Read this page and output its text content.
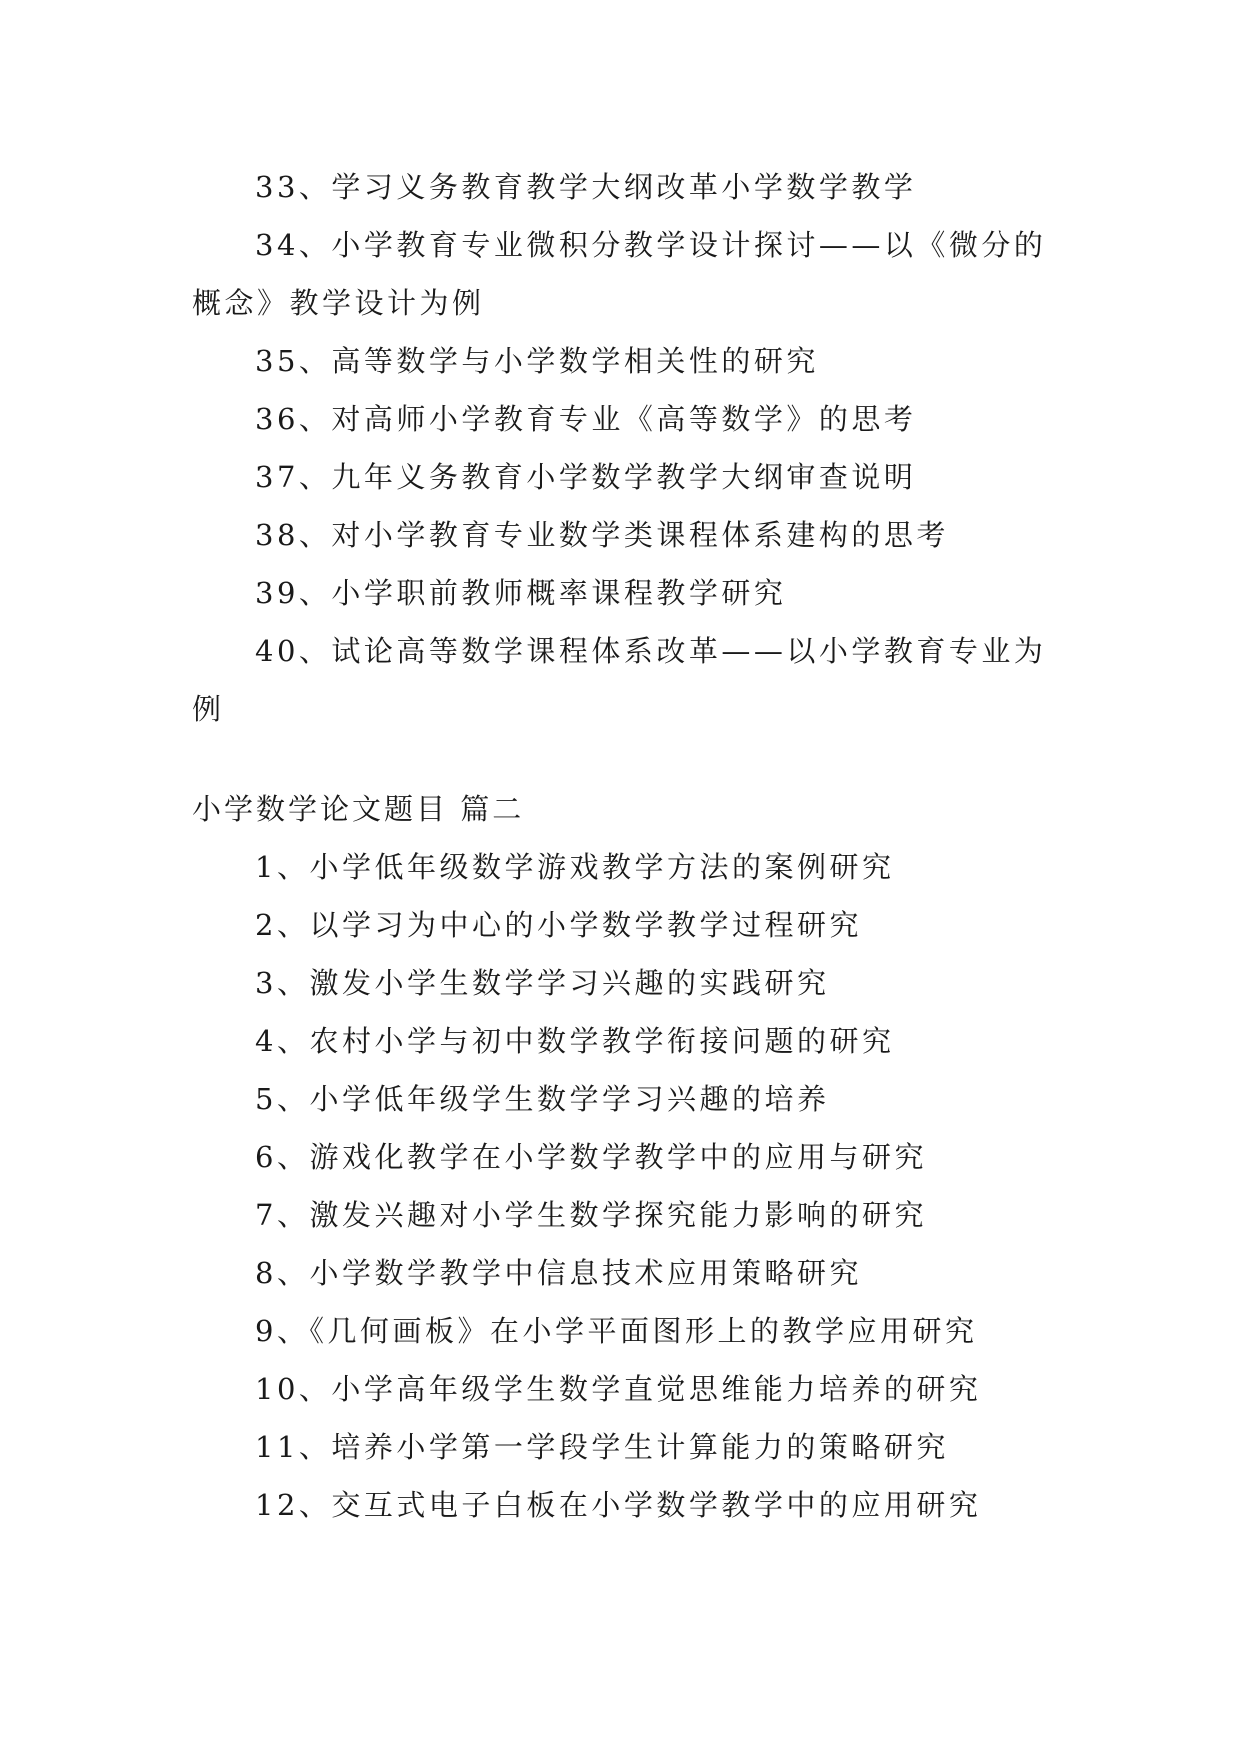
33、学习义务教育教学大纲改革小学数学教学

34、小学教育专业微积分教学设计探讨——以《微分的概念》教学设计为例

35、高等数学与小学数学相关性的研究

36、对高师小学教育专业《高等数学》的思考

37、九年义务教育小学数学教学大纲审查说明

38、对小学教育专业数学类课程体系建构的思考

39、小学职前教师概率课程教学研究

40、试论高等数学课程体系改革——以小学教育专业为例

小学数学论文题目 篇二

1、小学低年级数学游戏教学方法的案例研究

2、以学习为中心的小学数学教学过程研究

3、激发小学生数学学习兴趣的实践研究

4、农村小学与初中数学教学衔接问题的研究

5、小学低年级学生数学学习兴趣的培养

6、游戏化教学在小学数学教学中的应用与研究

7、激发兴趣对小学生数学探究能力影响的研究

8、小学数学教学中信息技术应用策略研究

9、《几何画板》在小学平面图形上的教学应用研究

10、小学高年级学生数学直觉思维能力培养的研究

11、培养小学第一学段学生计算能力的策略研究

12、交互式电子白板在小学数学教学中的应用研究
